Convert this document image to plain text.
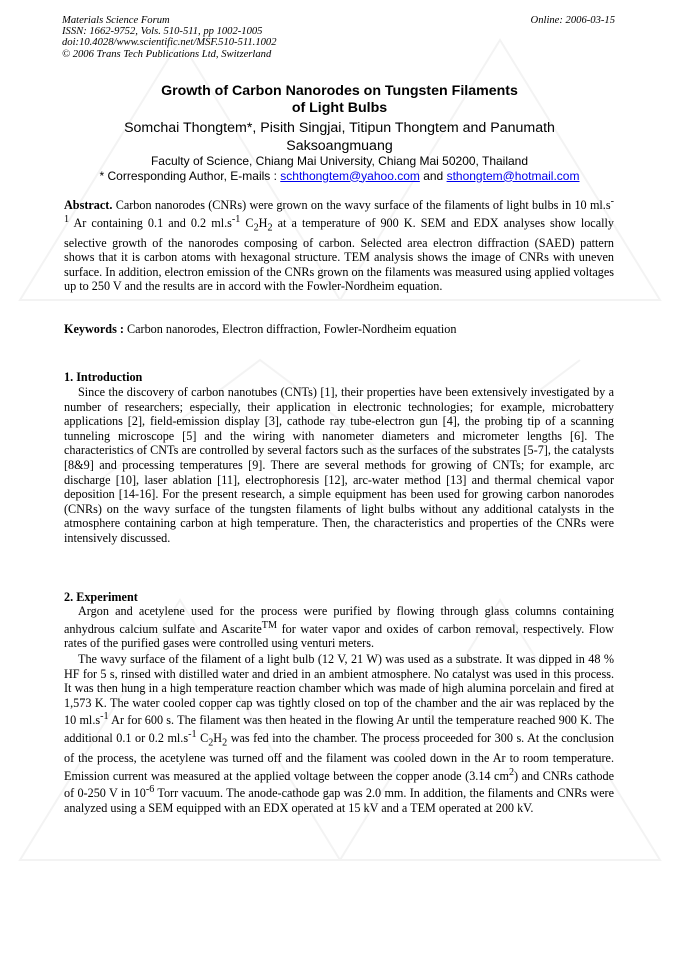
Materials Science Forum
ISSN: 1662-9752, Vols. 510-511, pp 1002-1005
doi:10.4028/www.scientific.net/MSF.510-511.1002
© 2006 Trans Tech Publications Ltd, Switzerland
Online: 2006-03-15
Growth of Carbon Nanorodes on Tungsten Filaments
of Light Bulbs
Somchai Thongtem*, Pisith Singjai, Titipun Thongtem and Panumath
Saksoangmuang
Faculty of Science, Chiang Mai University, Chiang Mai 50200, Thailand
* Corresponding Author, E-mails : schthongtem@yahoo.com and sthongtem@hotmail.com
Abstract. Carbon nanorodes (CNRs) were grown on the wavy surface of the filaments of light bulbs in 10 $ml.s^{-1}$ Ar containing 0.1 and 0.2 $ml.s^{-1}$ $C_2H_2$ at a temperature of 900 K. SEM and EDX analyses show locally selective growth of the nanorodes composing of carbon. Selected area electron diffraction (SAED) pattern shows that it is carbon atoms with hexagonal structure. TEM analysis shows the image of CNRs with uneven surface. In addition, electron emission of the CNRs grown on the filaments was measured using applied voltages up to 250 V and the results are in accord with the Fowler-Nordheim equation.
Keywords : Carbon nanorodes, Electron diffraction, Fowler-Nordheim equation
1. Introduction
Since the discovery of carbon nanotubes (CNTs) [1], their properties have been extensively investigated by a number of researchers; especially, their application in electronic technologies; for example, microbattery applications [2], field-emission display [3], cathode ray tube-electron gun [4], the probing tip of a scanning tunneling microscope [5] and the wiring with nanometer diameters and micrometer lengths [6]. The characteristics of CNTs are controlled by several factors such as the surfaces of the substrates [5-7], the catalysts [8&9] and processing temperatures [9]. There are several methods for growing of CNTs; for example, arc discharge [10], laser ablation [11], electrophoresis [12], arc-water method [13] and thermal chemical vapor deposition [14-16]. For the present research, a simple equipment has been used for growing carbon nanorodes (CNRs) on the wavy surface of the tungsten filaments of light bulbs without any additional catalysts in the atmosphere containing carbon at high temperature. Then, the characteristics and properties of the CNRs were intensively discussed.
2. Experiment
Argon and acetylene used for the process were purified by flowing through glass columns containing anhydrous calcium sulfate and Ascarite™ for water vapor and oxides of carbon removal, respectively. Flow rates of the purified gases were controlled using venturi meters.
The wavy surface of the filament of a light bulb (12 V, 21 W) was used as a substrate. It was dipped in 48 % HF for 5 s, rinsed with distilled water and dried in an ambient atmosphere. No catalyst was used in this process. It was then hung in a high temperature reaction chamber which was made of high alumina porcelain and fired at 1,573 K. The water cooled copper cap was tightly closed on top of the chamber and the air was replaced by the 10 $ml.s^{-1}$ Ar for 600 s. The filament was then heated in the flowing Ar until the temperature reached 900 K. The additional 0.1 or 0.2 $ml.s^{-1}$ $C_2H_2$ was fed into the chamber. The process proceeded for 300 s. At the conclusion of the process, the acetylene was turned off and the filament was cooled down in the Ar to room temperature. Emission current was measured at the applied voltage between the copper anode (3.14 $cm^2$) and CNRs cathode of 0-250 V in $10^{-6}$ Torr vacuum. The anode-cathode gap was 2.0 mm. In addition, the filaments and CNRs were analyzed using a SEM equipped with an EDX operated at 15 kV and a TEM operated at 200 kV.
